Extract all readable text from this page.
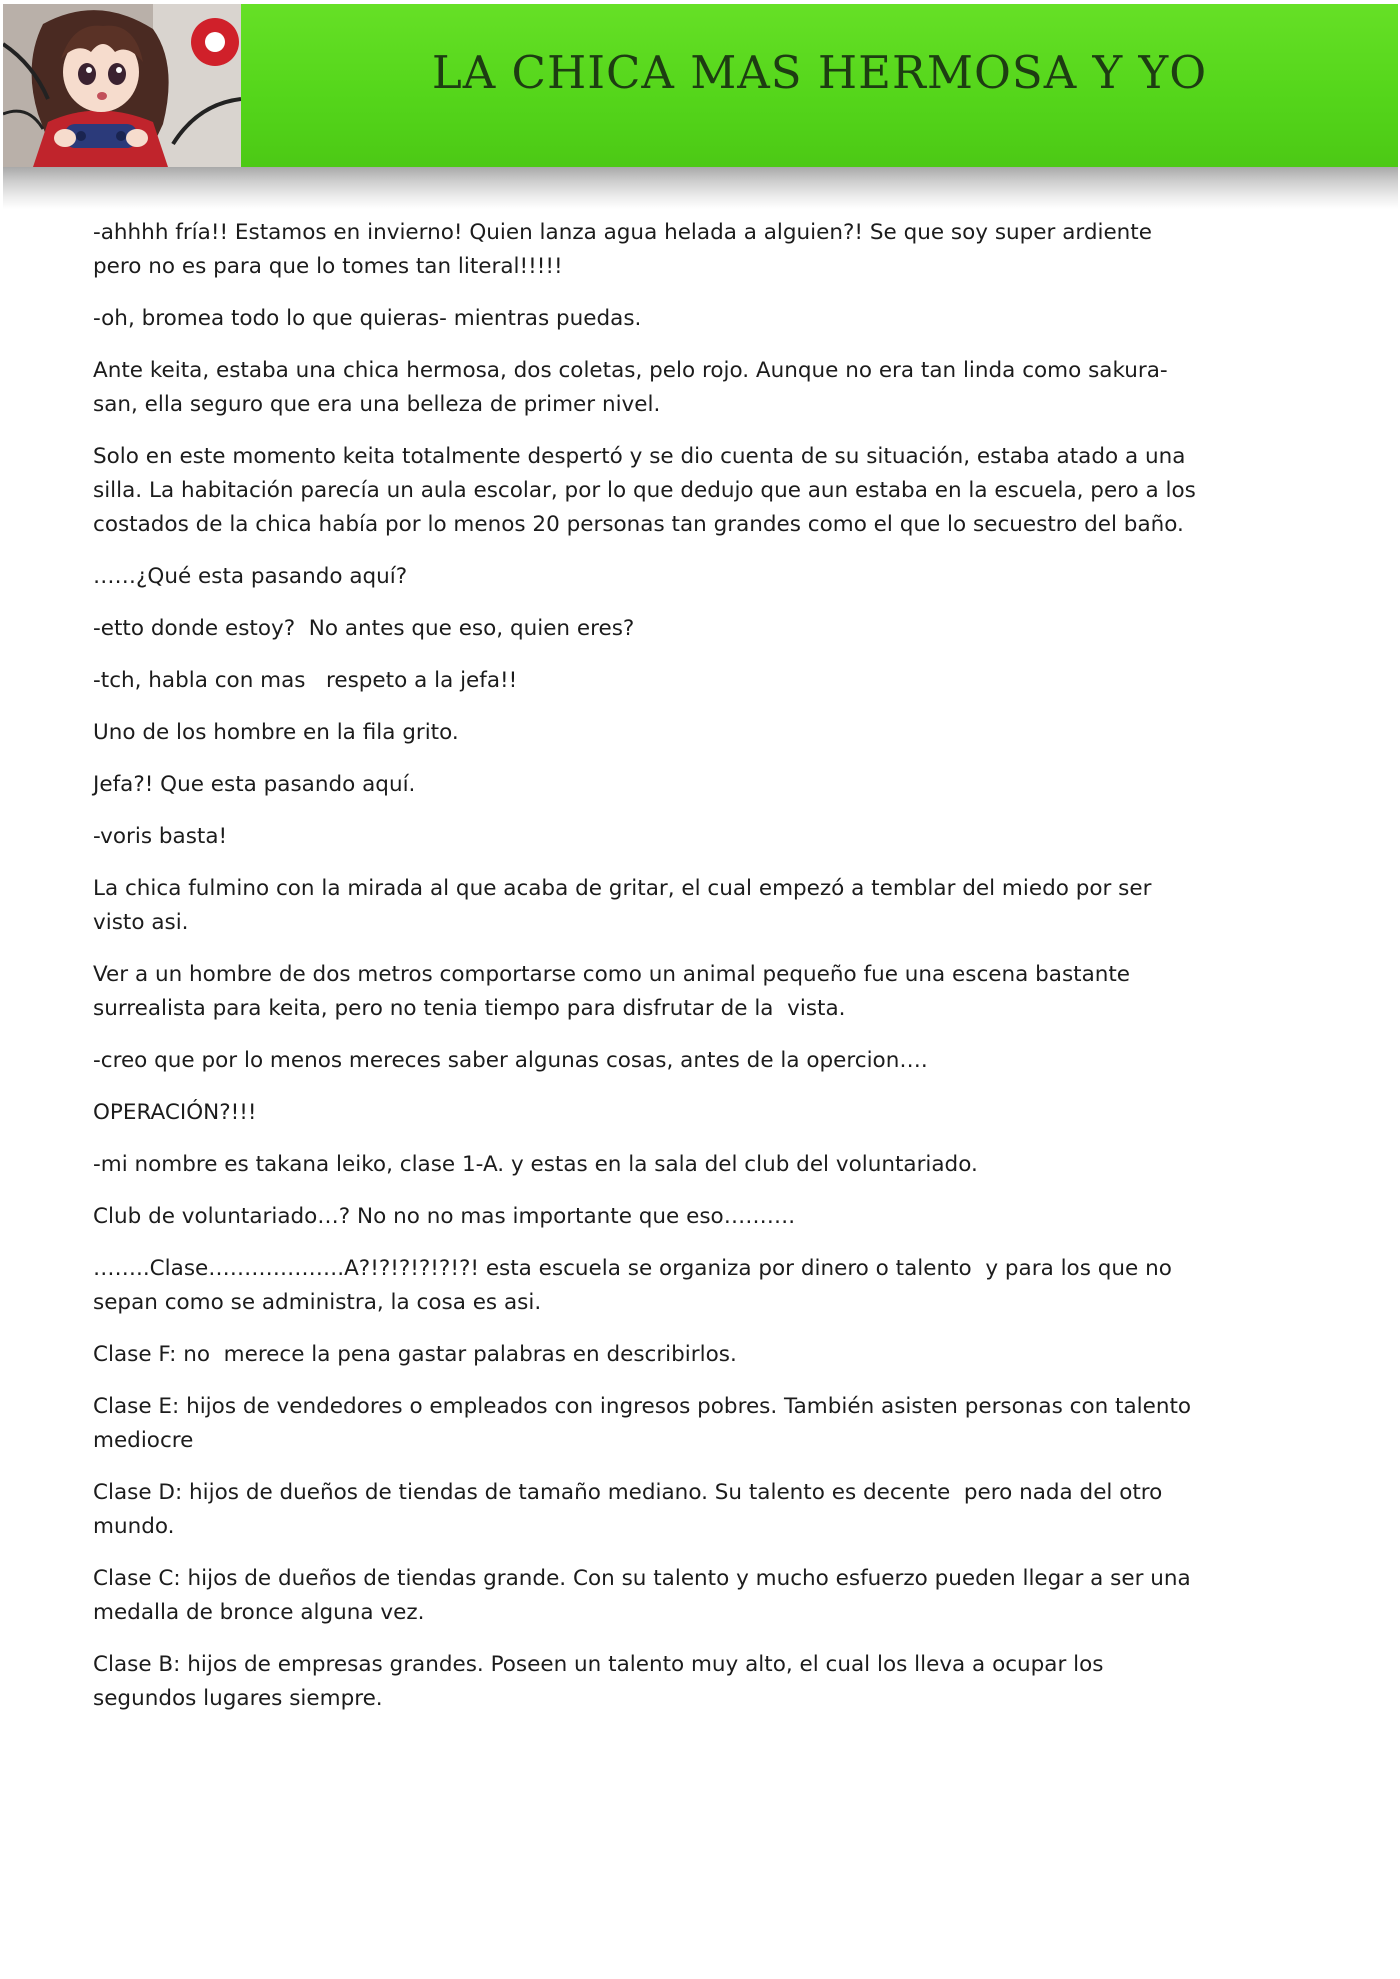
LA CHICA MAS HERMOSA Y YO

-ahhhh fría!! Estamos en invierno! Quien lanza agua helada a alguien?! Se que soy super ardiente pero no es para que lo tomes tan literal!!!!!

-oh, bromea todo lo que quieras- mientras puedas.

Ante keita, estaba una chica hermosa, dos coletas, pelo rojo. Aunque no era tan linda como sakura-san, ella seguro que era una belleza de primer nivel.

Solo en este momento keita totalmente despertó y se dio cuenta de su situación, estaba atado a una silla. La habitación parecía un aula escolar, por lo que dedujo que aun estaba en la escuela, pero a los costados de la chica había por lo menos 20 personas tan grandes como el que lo secuestro del baño.

……¿Qué esta pasando aquí?

-etto donde estoy?  No antes que eso, quien eres?

-tch, habla con mas   respeto a la jefa!!

Uno de los hombre en la fila grito.

Jefa?! Que esta pasando aquí.

-voris basta!

La chica fulmino con la mirada al que acaba de gritar, el cual empezó a temblar del miedo por ser visto asi.

Ver a un hombre de dos metros comportarse como un animal pequeño fue una escena bastante surrealista para keita, pero no tenia tiempo para disfrutar de la  vista.

-creo que por lo menos mereces saber algunas cosas, antes de la opercion….

OPERACIÓN?!!!

-mi nombre es takana leiko, clase 1-A. y estas en la sala del club del voluntariado.

Club de voluntariado…? No no no mas importante que eso……….

……..Clase……………….A?!?!?!?!?!?! esta escuela se organiza por dinero o talento  y para los que no sepan como se administra, la cosa es asi.

Clase F: no  merece la pena gastar palabras en describirlos.

Clase E: hijos de vendedores o empleados con ingresos pobres. También asisten personas con talento mediocre

Clase D: hijos de dueños de tiendas de tamaño mediano. Su talento es decente  pero nada del otro mundo.

Clase C: hijos de dueños de tiendas grande. Con su talento y mucho esfuerzo pueden llegar a ser una medalla de bronce alguna vez.

Clase B: hijos de empresas grandes. Poseen un talento muy alto, el cual los lleva a ocupar los segundos lugares siempre.
